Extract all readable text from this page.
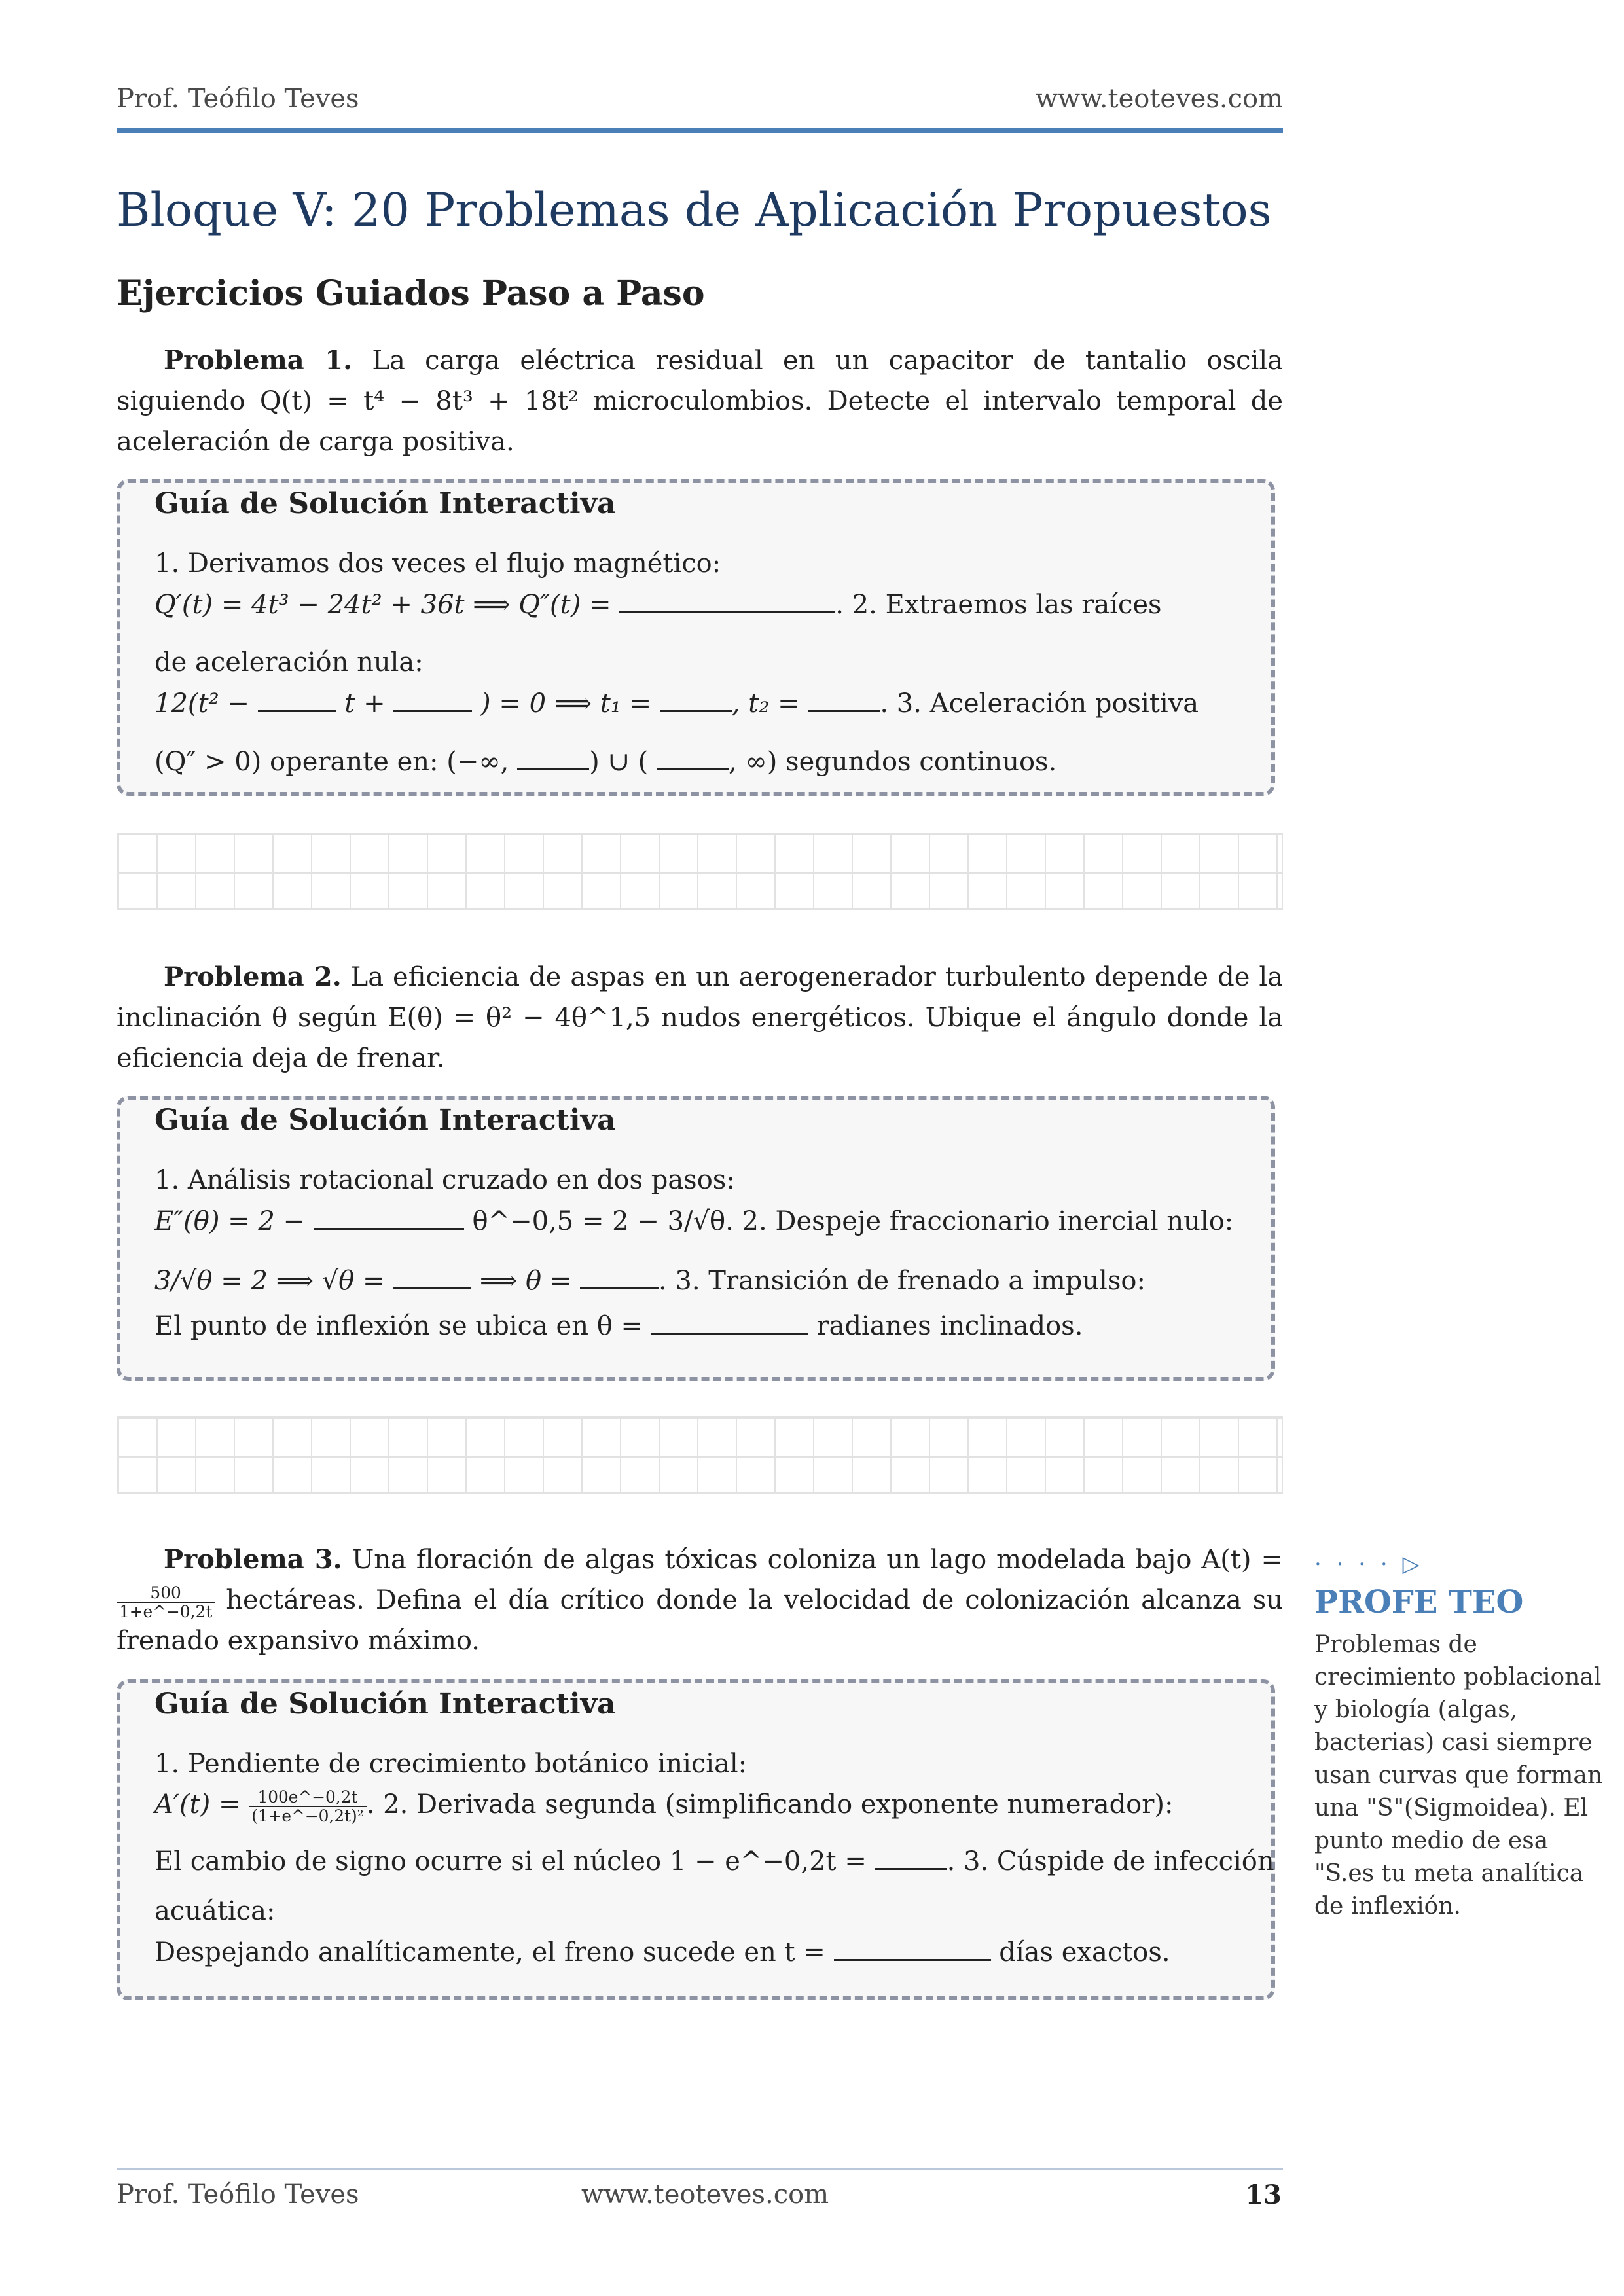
Prof. Teófilo Teves	www.teoteves.com
Bloque V: 20 Problemas de Aplicación Propuestos
Ejercicios Guiados Paso a Paso
Problema 1. La carga eléctrica residual en un capacitor de tantalio oscila siguiendo Q(t) = t⁴ − 8t³ + 18t² microculombios. Detecte el intervalo temporal de aceleración de carga positiva.
Guía de Solución Interactiva
1. Derivamos dos veces el flujo magnético:
Q′(t) = 4t³ − 24t² + 36t ⟹ Q″(t) =	. 2. Extraemos las raíces
de aceleración nula:
12(t² −	t +	) = 0 ⟹ t₁ =	, t₂ =	. 3. Aceleración positiva
(Q″ > 0) operante en: (−∞,	) ∪ (	, ∞) segundos continuos.
Problema 2. La eficiencia de aspas en un aerogenerador turbulento depende de la inclinación θ según E(θ) = θ² − 4θ^1,5 nudos energéticos. Ubique el ángulo donde la eficiencia deja de frenar.
Guía de Solución Interactiva
1. Análisis rotacional cruzado en dos pasos:
E″(θ) = 2 −	θ^−0,5 = 2 − 3/√θ. 2. Despeje fraccionario inercial nulo:
3/√θ = 2 ⟹ √θ =	⟹ θ =	. 3. Transición de frenado a impulso:
El punto de inflexión se ubica en θ =	radianes inclinados.
Problema 3. Una floración de algas tóxicas coloniza un lago modelada bajo A(t) =
$\frac{500}{1+e\^{}-0,2t}$ hectáreas. Defina el día crítico donde la velocidad de colonización alcanza su frenado expansivo máximo.
Guía de Solución Interactiva
1. Pendiente de crecimiento botánico inicial:
$A'(t) = \frac{100e\^{}-0,2t}{\text{(1+e\textasciicircum{}−0,2t)²}}$ . 2. Derivada segunda (simplificando exponente numerador):
El cambio de signo ocurre si el núcleo 1 − e^−0,2t =	. 3. Cúspide de infección
acuática:
Despejando analíticamente, el freno sucede en t =	días exactos.
· · · · ▷
PROFE TEO
Problemas de crecimiento poblacional y biología (algas, bacterias) casi siempre usan curvas que forman una "S"(Sigmoidea). El punto medio de esa "S.es tu meta analítica de inflexión.
Prof. Teófilo Teves	www.teoteves.com	13
